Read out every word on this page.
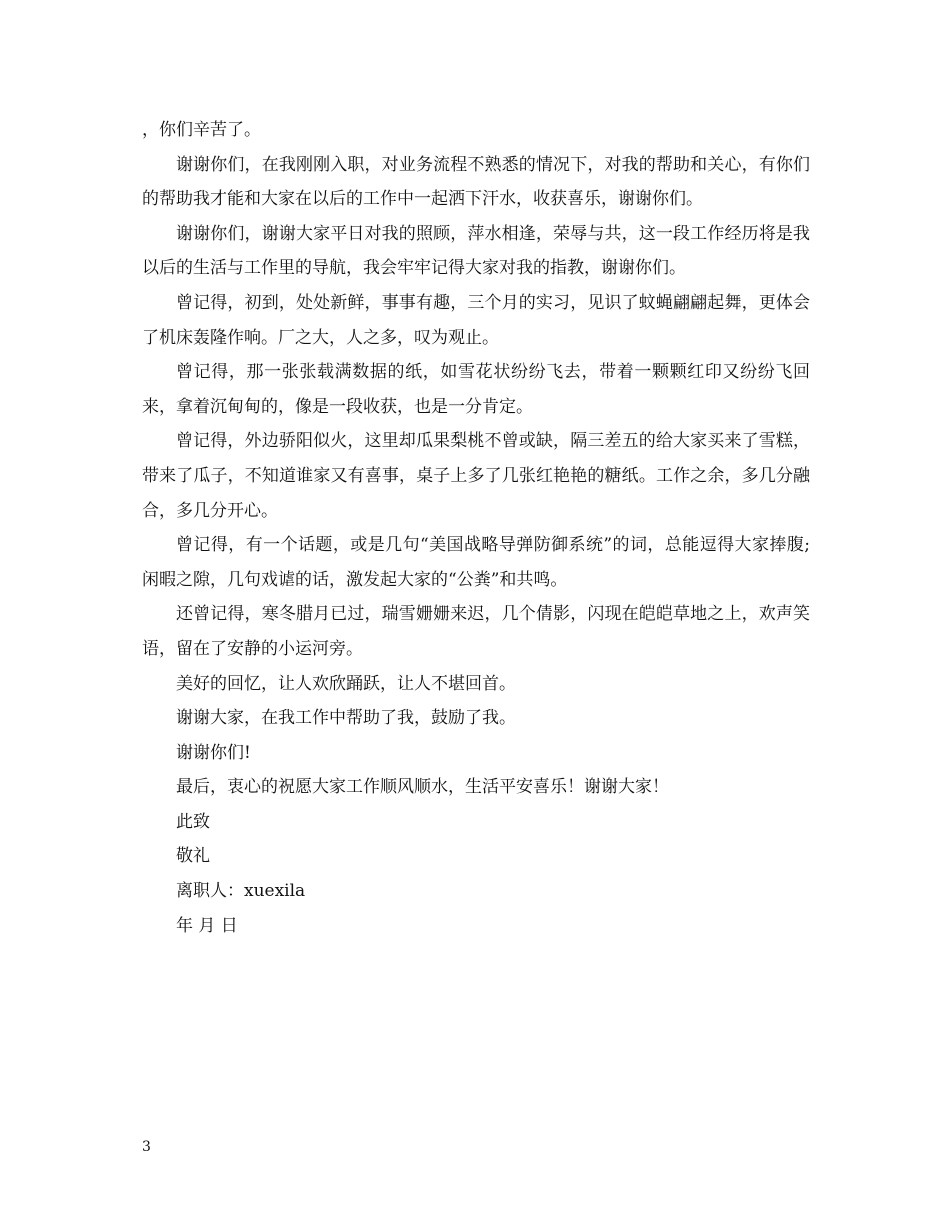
，你们辛苦了。

谢谢你们，在我刚刚入职，对业务流程不熟悉的情况下，对我的帮助和关心，有你们的帮助我才能和大家在以后的工作中一起洒下汗水，收获喜乐，谢谢你们。

谢谢你们，谢谢大家平日对我的照顾，萍水相逢，荣辱与共，这一段工作经历将是我以后的生活与工作里的导航，我会牢牢记得大家对我的指教，谢谢你们。

曾记得，初到，处处新鲜，事事有趣，三个月的实习，见识了蚊蝇翩翩起舞，更体会了机床轰隆作响。厂之大，人之多，叹为观止。

曾记得，那一张张载满数据的纸，如雪花状纷纷飞去，带着一颗颗红印又纷纷飞回来，拿着沉甸甸的，像是一段收获，也是一分肯定。

曾记得，外边骄阳似火，这里却瓜果梨桃不曾或缺，隔三差五的给大家买来了雪糕，带来了瓜子，不知道谁家又有喜事，桌子上多了几张红艳艳的糖纸。工作之余，多几分融合，多几分开心。

曾记得，有一个话题，或是几句“美国战略导弹防御系统”的词，总能逗得大家捧腹;闲暇之隙，几句戏谑的话，激发起大家的“公粪”和共鸣。

还曾记得，寒冬腊月已过，瑞雪姗姗来迟，几个倩影，闪现在皑皑草地之上，欢声笑语，留在了安静的小运河旁。

美好的回忆，让人欢欣踊跃，让人不堪回首。

谢谢大家，在我工作中帮助了我，鼓励了我。

谢谢你们!

最后，衷心的祝愿大家工作顺风顺水，生活平安喜乐！谢谢大家！

此致

敬礼

离职人：xuexila

年 月 日

3
